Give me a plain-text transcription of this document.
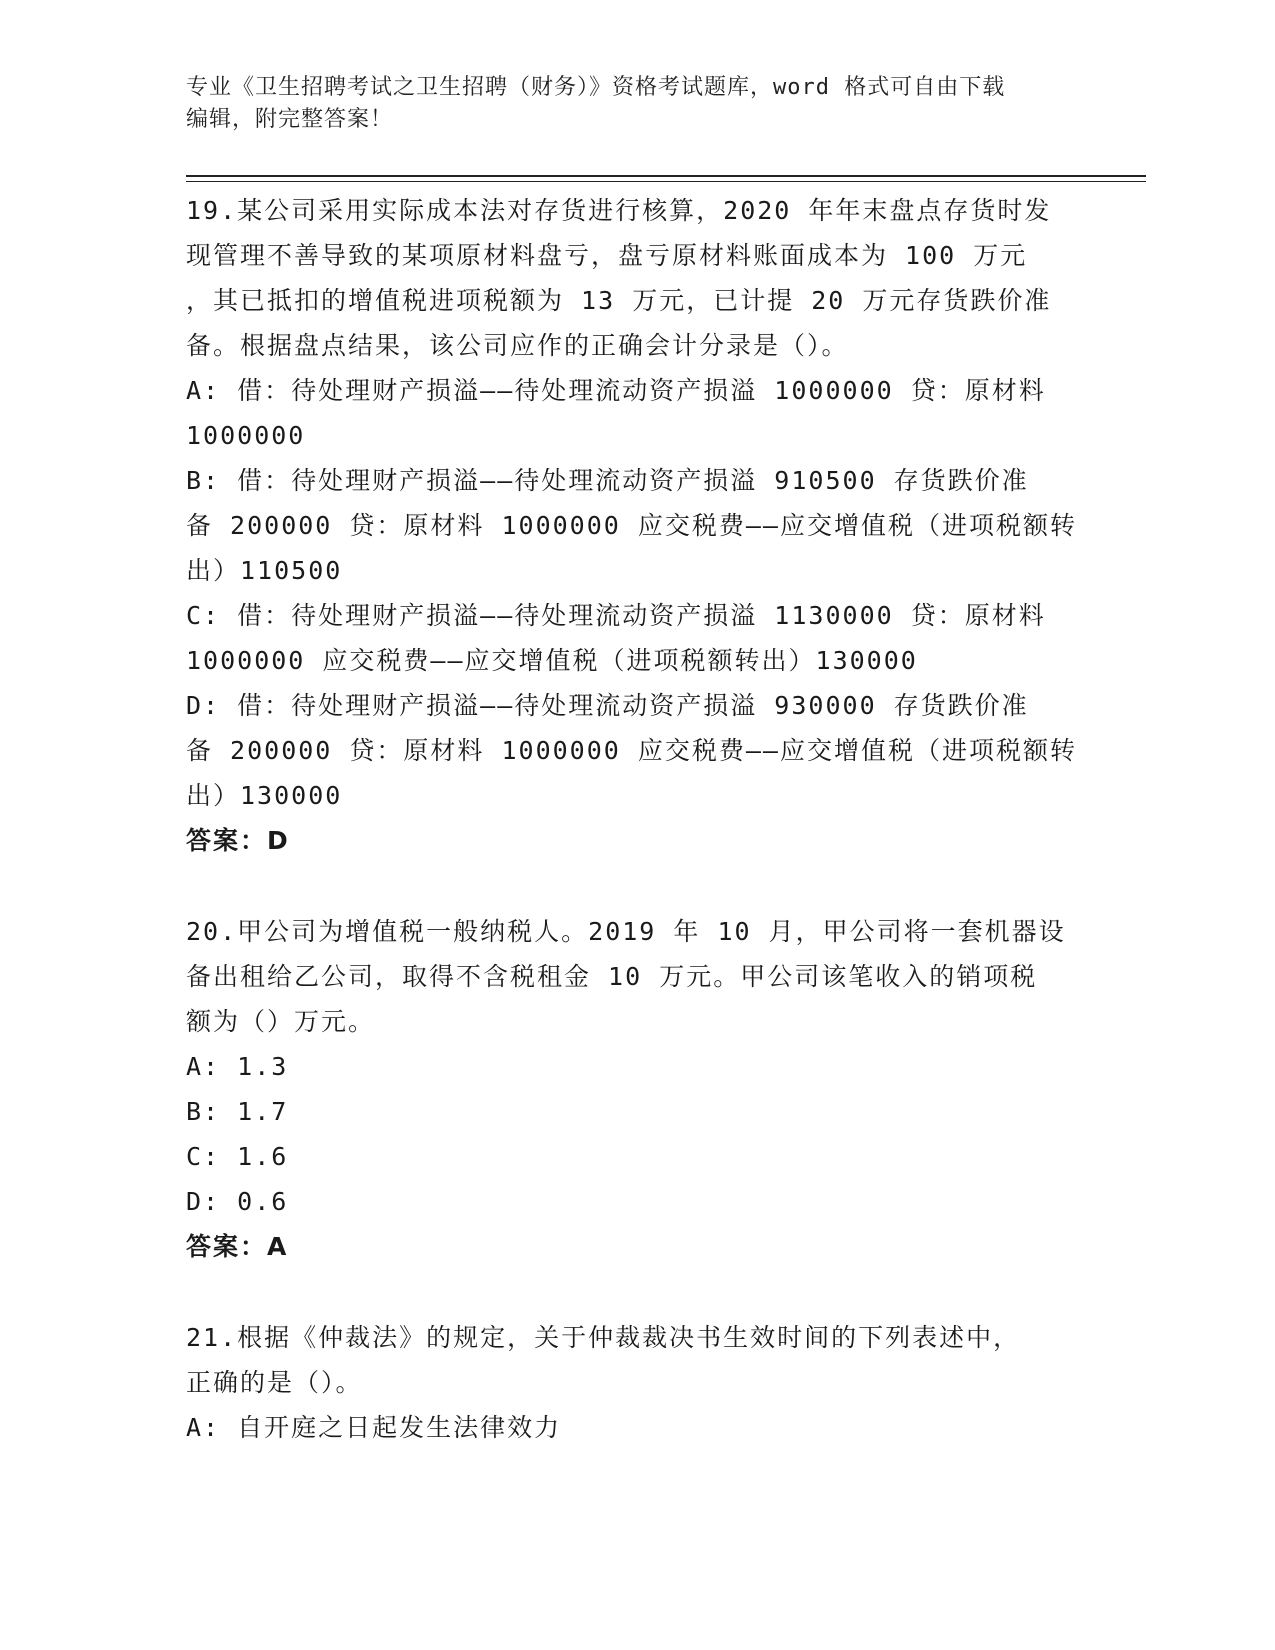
专业《卫生招聘考试之卫生招聘（财务）》资格考试题库，word 格式可自由下载
编辑，附完整答案！
19.某公司采用实际成本法对存货进行核算，2020 年年末盘点存货时发
现管理不善导致的某项原材料盘亏，盘亏原材料账面成本为 100 万元
，其已抵扣的增值税进项税额为 13 万元，已计提 20 万元存货跌价准
备。根据盘点结果，该公司应作的正确会计分录是（）。
A: 借：待处理财产损溢——待处理流动资产损溢 1000000 贷：原材料
1000000
B: 借：待处理财产损溢——待处理流动资产损溢 910500 存货跌价准
备 200000 贷：原材料 1000000 应交税费——应交增值税（进项税额转
出）110500
C: 借：待处理财产损溢——待处理流动资产损溢 1130000 贷：原材料
1000000 应交税费——应交增值税（进项税额转出）130000
D: 借：待处理财产损溢——待处理流动资产损溢 930000 存货跌价准
备 200000 贷：原材料 1000000 应交税费——应交增值税（进项税额转
出）130000
答案：D
20.甲公司为增值税一般纳税人。2019 年 10 月，甲公司将一套机器设
备出租给乙公司，取得不含税租金 10 万元。甲公司该笔收入的销项税
额为（）万元。
A: 1.3
B: 1.7
C: 1.6
D: 0.6
答案：A
21.根据《仲裁法》的规定，关于仲裁裁决书生效时间的下列表述中，
正确的是（）。
A: 自开庭之日起发生法律效力
